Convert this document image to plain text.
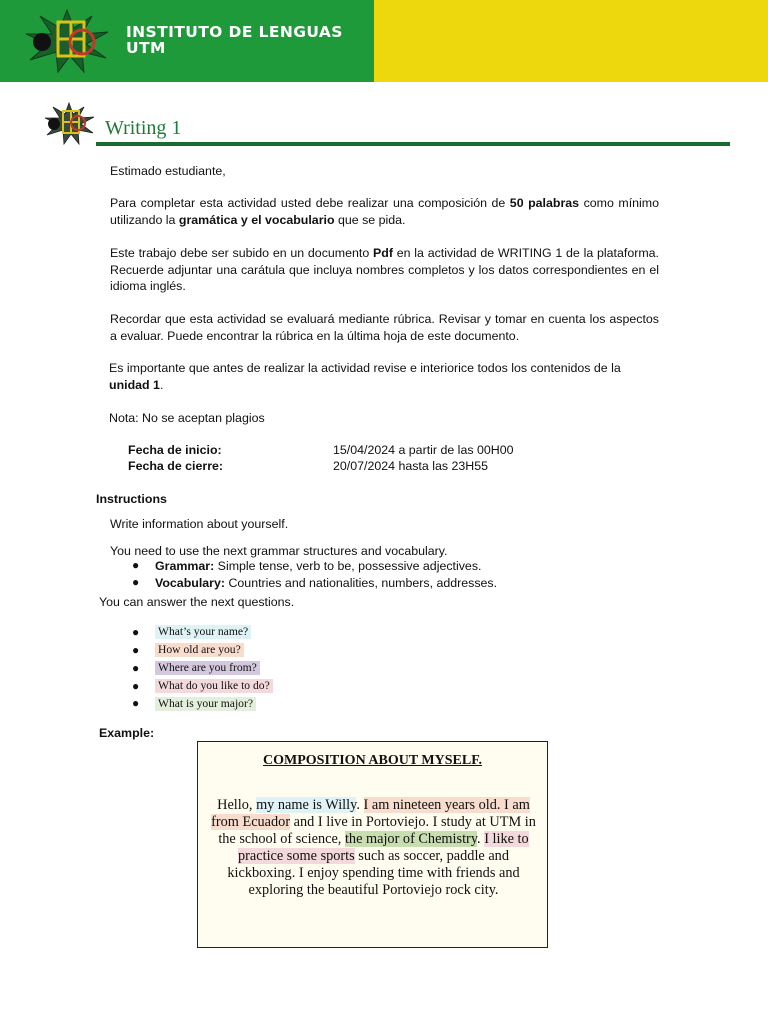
INSTITUTO DE LENGUAS
UTM
Writing 1

Estimado estudiante,

Para completar esta actividad usted debe realizar una composición de 50 palabras como mínimo utilizando la gramática y el vocabulario que se pida.

Este trabajo debe ser subido en un documento Pdf en la actividad de WRITING 1 de la plataforma. Recuerde adjuntar una carátula que incluya nombres completos y los datos correspondientes en el idioma inglés.

Recordar que esta actividad se evaluará mediante rúbrica. Revisar y tomar en cuenta los aspectos a evaluar. Puede encontrar la rúbrica en la última hoja de este documento.

Es importante que antes de realizar la actividad revise e interiorice todos los contenidos de la
unidad 1.

Nota: No se aceptan plagios

Fecha de inicio:	15/04/2024 a partir de las 00H00

Fecha de cierre:	20/07/2024 hasta las 23H55

Instructions

Write information about yourself.

You need to use the next grammar structures and vocabulary.

● Grammar: Simple tense, verb to be, possessive adjectives.

● Vocabulary: Countries and nationalities, numbers, addresses.

You can answer the next questions.

● What’s your name?
● How old are you?
● Where are you from?
● What do you like to do?
● What is your major?

Example:

COMPOSITION ABOUT MYSELF.
Hello, my name is Willy. I am nineteen years old. I am from Ecuador and I live in Portoviejo. I study at UTM in the school of science, the major of Chemistry. I like to practice some sports such as soccer, paddle and kickboxing. I enjoy spending time with friends and exploring the beautiful Portoviejo rock city.
